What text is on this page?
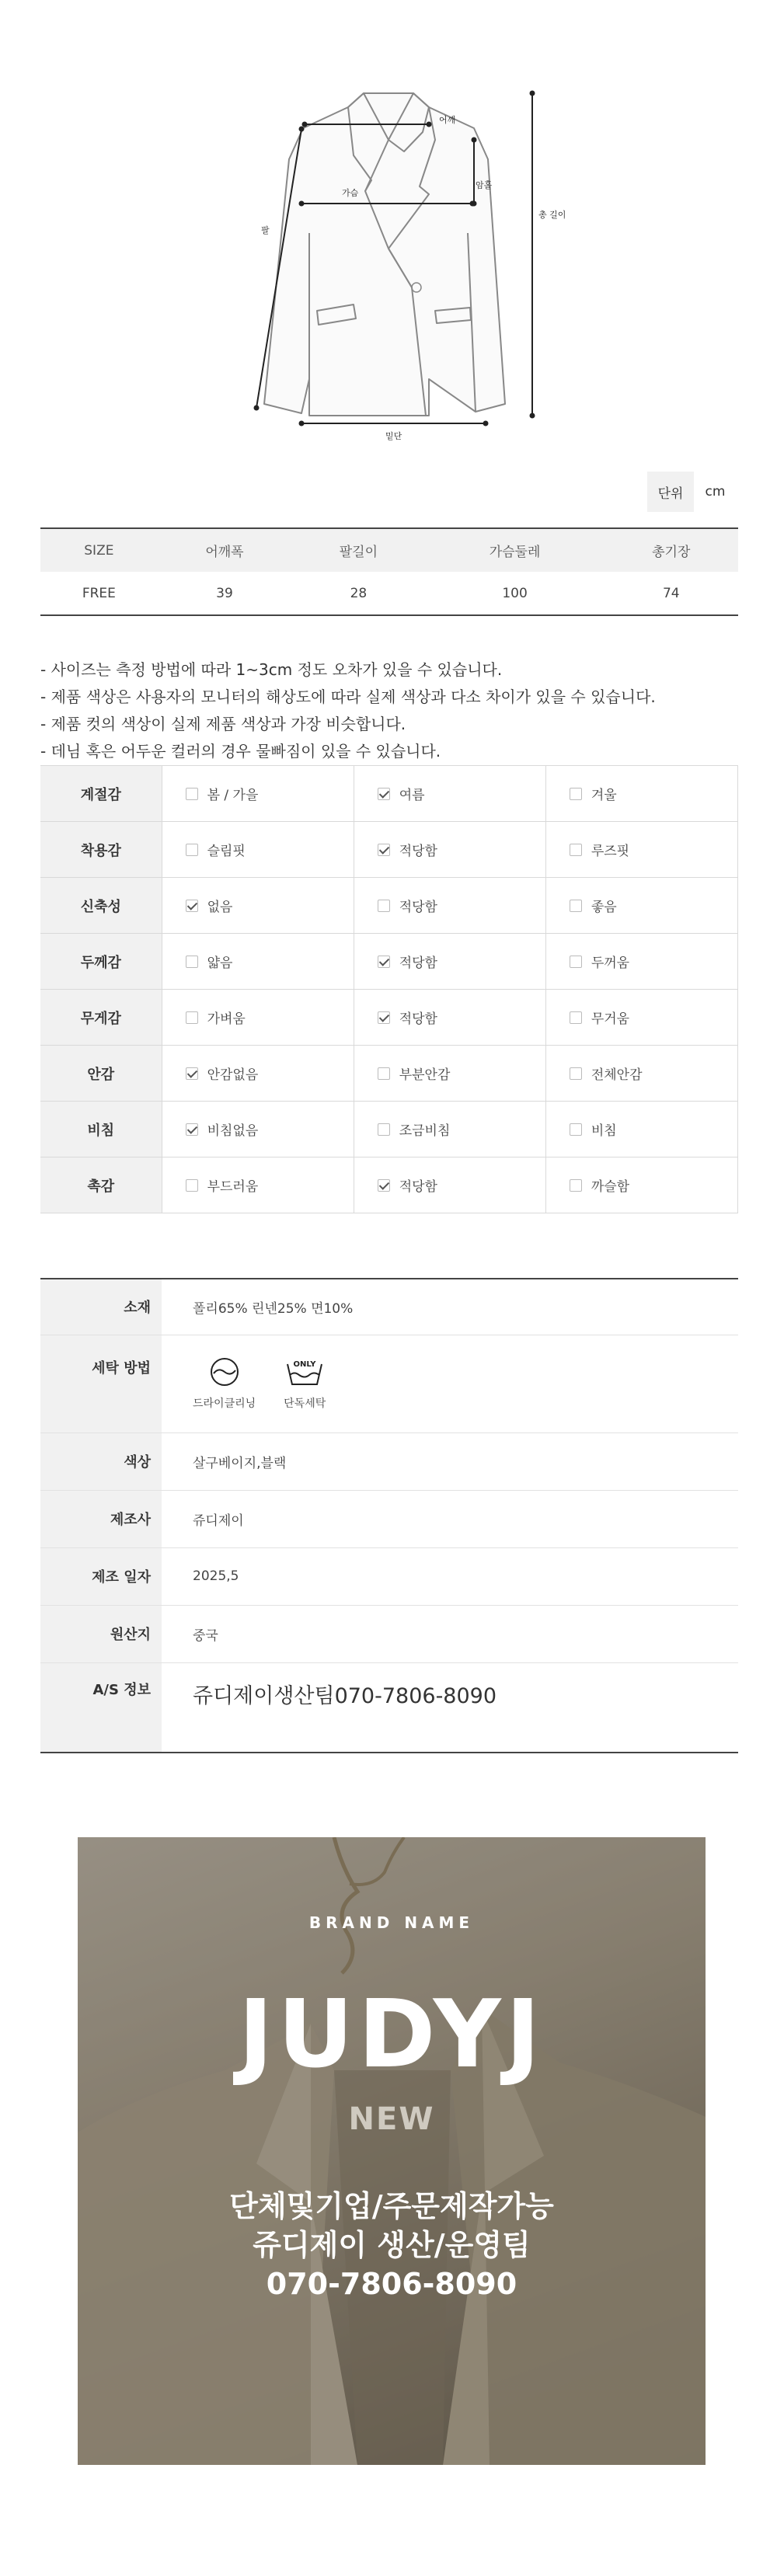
어깨
암홀
가슴
팔
총 길이
밑단
단위	cm
SIZE	어깨폭	팔길이	가슴둘레	총기장
FREE	39	28	100	74

- 사이즈는 측정 방법에 따라 1~3cm 정도 오차가 있을 수 있습니다.

- 제품 색상은 사용자의 모니터의 해상도에 따라 실제 색상과 다소 차이가 있을 수 있습니다.

- 제품 컷의 색상이 실제 제품 색상과 가장 비슷합니다.

- 데님 혹은 어두운 컬러의 경우 물빠짐이 있을 수 있습니다.

계절감	봄 / 가을	여름	겨울

착용감	슬림핏	적당함	루즈핏

신축성	없음	적당함	좋음

두께감	얇음	적당함	두꺼움

무게감	가벼움	적당함	무거움

안감	안감없음	부분안감	전체안감

비침	비침없음	조금비침	비침

촉감	부드러움	적당함	까슬함
소재	폴리65% 린넨25% 면10%
세탁 방법	드라이클리닝
ONLY
단독세탁

색상	살구베이지,블랙
제조사	쥬디제이
제조 일자	2025,5
원산지	중국
A/S 정보	쥬디제이생산팀070-7806-8090
BRAND NAME
JUDYJ
NEW
단체및기업/주문제작가능
쥬디제이 생산/운영팀
070-7806-8090
